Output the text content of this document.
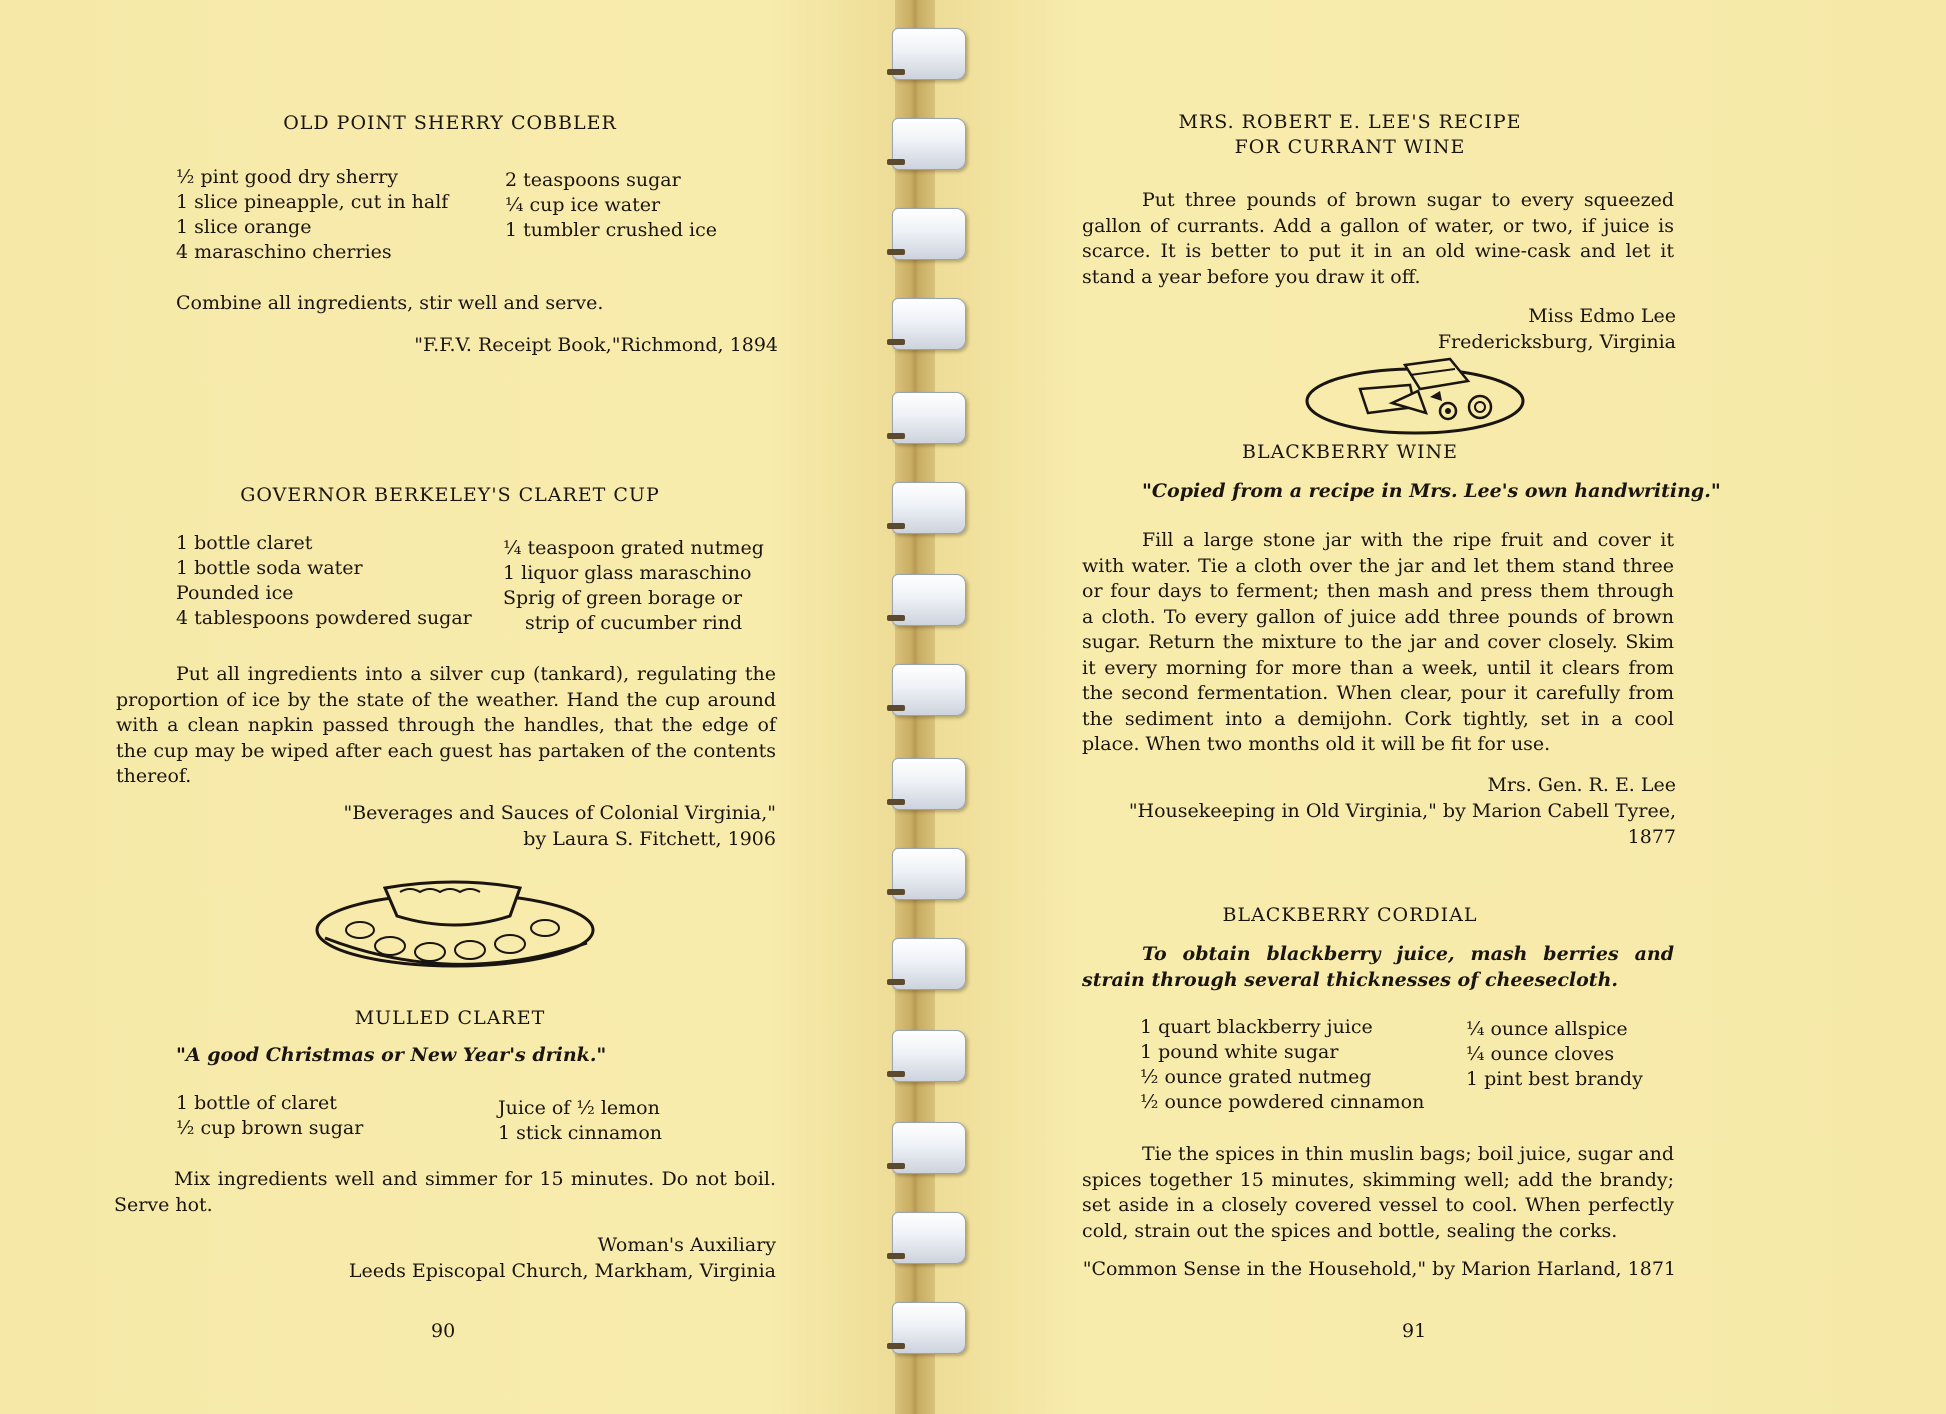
OLD POINT SHERRY COBBLER
½ pint good dry sherry
1 slice pineapple, cut in half
1 slice orange
4 maraschino cherries
2 teaspoons sugar
¼ cup ice water
1 tumbler crushed ice
Combine all ingredients, stir well and serve.
"F.F.V. Receipt Book,"Richmond, 1894
GOVERNOR BERKELEY'S CLARET CUP
1 bottle claret
1 bottle soda water
Pounded ice
4 tablespoons powdered sugar
¼ teaspoon grated nutmeg
1 liquor glass maraschino
Sprig of green borage or
strip of cucumber rind
Put all ingredients into a silver cup (tankard), regulating the proportion of ice by the state of the weather. Hand the cup around with a clean napkin passed through the handles, that the edge of the cup may be wiped after each guest has partaken of the contents thereof.
"Beverages and Sauces of Colonial Virginia,"
by Laura S. Fitchett, 1906
MULLED CLARET
"A good Christmas or New Year's drink."
1 bottle of claret
½ cup brown sugar
Juice of ½ lemon
1 stick cinnamon
Mix ingredients well and simmer for 15 minutes. Do not boil. Serve hot.
Woman's Auxiliary
Leeds Episcopal Church, Markham, Virginia
90
MRS. ROBERT E. LEE'S RECIPE
FOR CURRANT WINE
Put three pounds of brown sugar to every squeezed gallon of currants. Add a gallon of water, or two, if juice is scarce. It is better to put it in an old wine-cask and let it stand a year before you draw it off.
Miss Edmo Lee
Fredericksburg, Virginia
BLACKBERRY WINE
"Copied from a recipe in Mrs. Lee's own handwriting."
Fill a large stone jar with the ripe fruit and cover it with water. Tie a cloth over the jar and let them stand three or four days to ferment; then mash and press them through a cloth. To every gallon of juice add three pounds of brown sugar. Return the mixture to the jar and cover closely. Skim it every morning for more than a week, until it clears from the second fermentation. When clear, pour it carefully from the sediment into a demijohn. Cork tightly, set in a cool place. When two months old it will be fit for use.
Mrs. Gen. R. E. Lee
"Housekeeping in Old Virginia," by Marion Cabell Tyree, 1877
BLACKBERRY CORDIAL
To obtain blackberry juice, mash berries and strain through several thicknesses of cheesecloth.
1 quart blackberry juice
1 pound white sugar
½ ounce grated nutmeg
½ ounce powdered cinnamon
¼ ounce allspice
¼ ounce cloves
1 pint best brandy
Tie the spices in thin muslin bags; boil juice, sugar and spices together 15 minutes, skimming well; add the brandy; set aside in a closely covered vessel to cool. When perfectly cold, strain out the spices and bottle, sealing the corks.
"Common Sense in the Household," by Marion Harland, 1871
91
